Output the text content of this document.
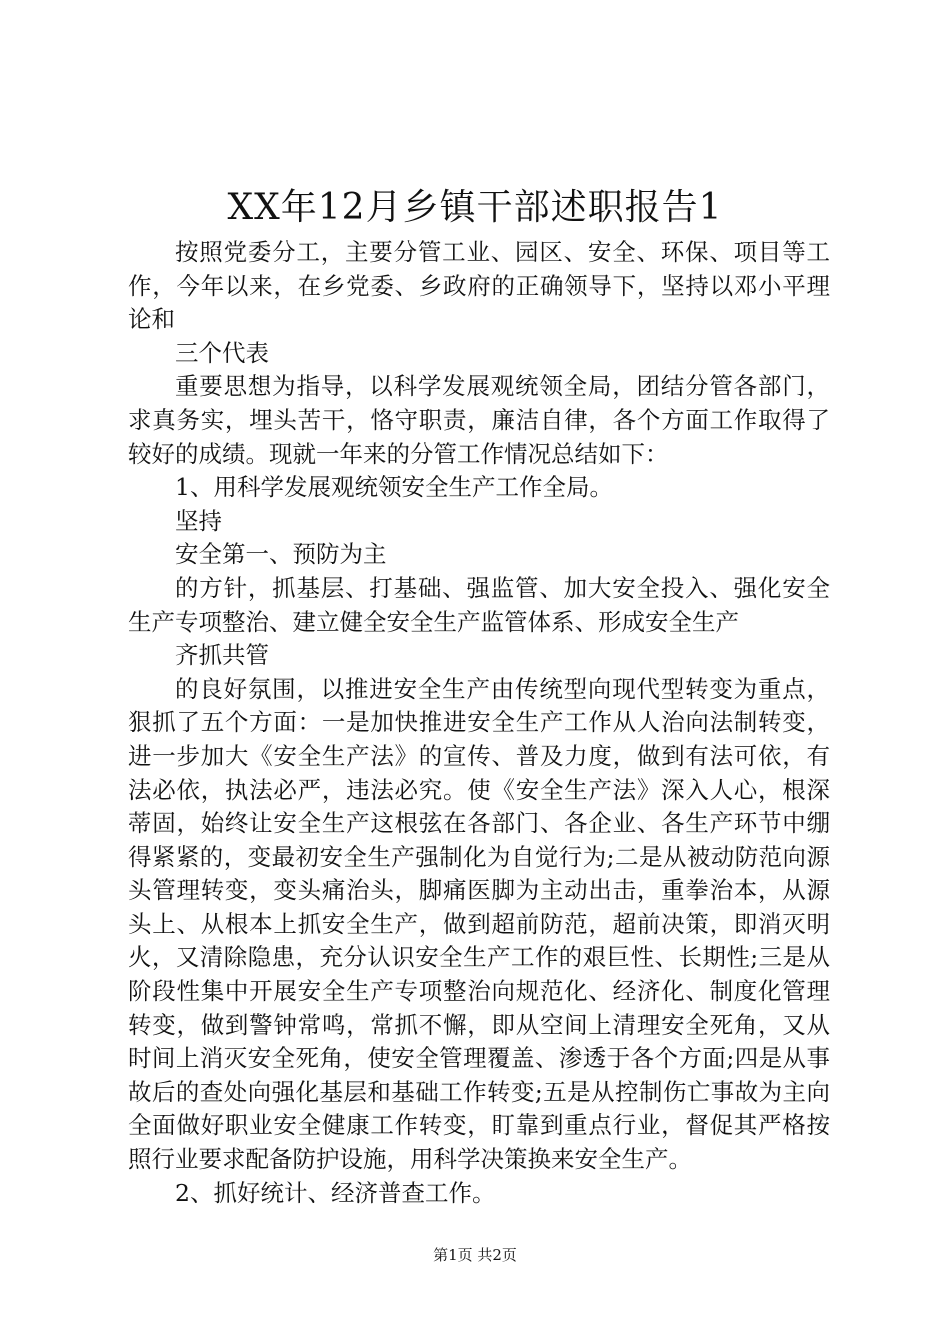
XX年12月乡镇干部述职报告1

按照党委分工，主要分管工业、园区、安全、环保、项目等工作，今年以来，在乡党委、乡政府的正确领导下，坚持以邓小平理论和

三个代表

重要思想为指导，以科学发展观统领全局，团结分管各部门，求真务实，埋头苦干，恪守职责，廉洁自律，各个方面工作取得了较好的成绩。现就一年来的分管工作情况总结如下：

1、用科学发展观统领安全生产工作全局。

坚持

安全第一、预防为主

的方针，抓基层、打基础、强监管、加大安全投入、强化安全生产专项整治、建立健全安全生产监管体系、形成安全生产

齐抓共管

的良好氛围，以推进安全生产由传统型向现代型转变为重点，狠抓了五个方面：一是加快推进安全生产工作从人治向法制转变，进一步加大《安全生产法》的宣传、普及力度，做到有法可依，有法必依，执法必严，违法必究。使《安全生产法》深入人心，根深蒂固，始终让安全生产这根弦在各部门、各企业、各生产环节中绷得紧紧的，变最初安全生产强制化为自觉行为;二是从被动防范向源头管理转变，变头痛治头，脚痛医脚为主动出击，重拳治本，从源头上、从根本上抓安全生产，做到超前防范，超前决策，即消灭明火，又清除隐患，充分认识安全生产工作的艰巨性、长期性;三是从阶段性集中开展安全生产专项整治向规范化、经济化、制度化管理转变，做到警钟常鸣，常抓不懈，即从空间上清理安全死角，又从时间上消灭安全死角，使安全管理覆盖、渗透于各个方面;四是从事故后的查处向强化基层和基础工作转变;五是从控制伤亡事故为主向全面做好职业安全健康工作转变，盯靠到重点行业，督促其严格按照行业要求配备防护设施，用科学决策换来安全生产。

2、抓好统计、经济普查工作。

第1页 共2页
